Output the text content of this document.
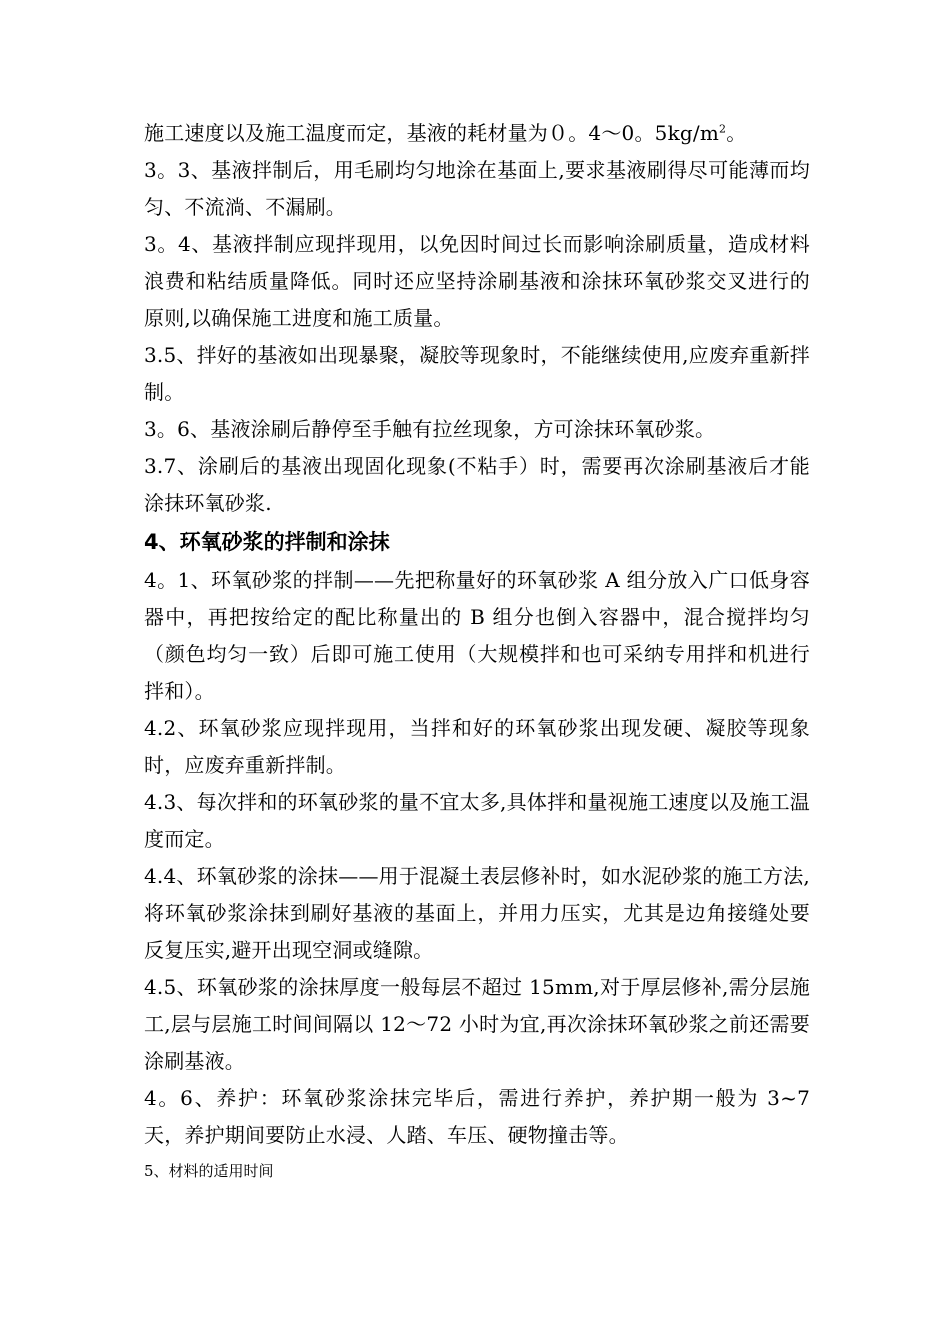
施工速度以及施工温度而定，基液的耗材量为０。4～0。$5kg/m^2$。

3。3、基液拌制后，用毛刷均匀地涂在基面上,要求基液刷得尽可能薄而均匀、不流淌、不漏刷。

3。4、基液拌制应现拌现用，以免因时间过长而影响涂刷质量，造成材料浪费和粘结质量降低。同时还应坚持涂刷基液和涂抹环氧砂浆交叉进行的原则,以确保施工进度和施工质量。

3.5、拌好的基液如出现暴聚，凝胶等现象时，不能继续使用,应废弃重新拌制。

3。6、基液涂刷后静停至手触有拉丝现象，方可涂抹环氧砂浆。

3.7、涂刷后的基液出现固化现象(不粘手）时，需要再次涂刷基液后才能涂抹环氧砂浆.

4、环氧砂浆的拌制和涂抹

4。1、环氧砂浆的拌制——先把称量好的环氧砂浆 A 组分放入广口低身容器中，再把按给定的配比称量出的 B 组分也倒入容器中，混合搅拌均匀（颜色均匀一致）后即可施工使用（大规模拌和也可采纳专用拌和机进行拌和）。

4.2、环氧砂浆应现拌现用，当拌和好的环氧砂浆出现发硬、凝胶等现象时，应废弃重新拌制。

4.3、每次拌和的环氧砂浆的量不宜太多,具体拌和量视施工速度以及施工温度而定。

4.4、环氧砂浆的涂抹——用于混凝土表层修补时，如水泥砂浆的施工方法,将环氧砂浆涂抹到刷好基液的基面上，并用力压实，尤其是边角接缝处要反复压实,避开出现空洞或缝隙。

4.5、环氧砂浆的涂抹厚度一般每层不超过 15mm,对于厚层修补,需分层施工,层与层施工时间间隔以 12～72 小时为宜,再次涂抹环氧砂浆之前还需要涂刷基液。

4。6、养护：环氧砂浆涂抹完毕后，需进行养护，养护期一般为 3~7 天，养护期间要防止水浸、人踏、车压、硬物撞击等。

5、材料的适用时间
